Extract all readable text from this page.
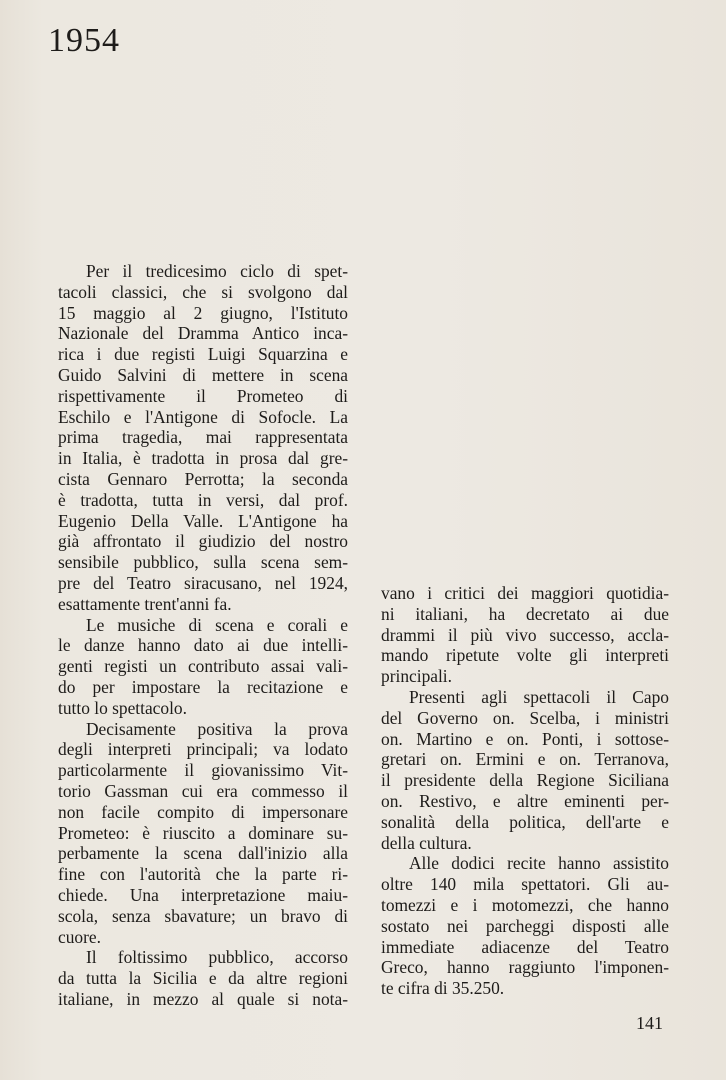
1954
Per il tredicesimo ciclo di spet-
tacoli classici, che si svolgono dal
15 maggio al 2 giugno, l'Istituto
Nazionale del Dramma Antico inca-
rica i due registi Luigi Squarzina e
Guido Salvini di mettere in scena
rispettivamente il Prometeo di
Eschilo e l'Antigone di Sofocle. La
prima tragedia, mai rappresentata
in Italia, è tradotta in prosa dal gre-
cista Gennaro Perrotta; la seconda
è tradotta, tutta in versi, dal prof.
Eugenio Della Valle. L'Antigone ha
già affrontato il giudizio del nostro
sensibile pubblico, sulla scena sem-
pre del Teatro siracusano, nel 1924,
esattamente trent'anni fa.
Le musiche di scena e corali e
le danze hanno dato ai due intelli-
genti registi un contributo assai vali-
do per impostare la recitazione e
tutto lo spettacolo.
Decisamente positiva la prova
degli interpreti principali; va lodato
particolarmente il giovanissimo Vit-
torio Gassman cui era commesso il
non facile compito di impersonare
Prometeo: è riuscito a dominare su-
perbamente la scena dall'inizio alla
fine con l'autorità che la parte ri-
chiede. Una interpretazione maiu-
scola, senza sbavature; un bravo di
cuore.
Il foltissimo pubblico, accorso
da tutta la Sicilia e da altre regioni
italiane, in mezzo al quale si nota-
vano i critici dei maggiori quotidia-
ni italiani, ha decretato ai due
drammi il più vivo successo, accla-
mando ripetute volte gli interpreti
principali.
Presenti agli spettacoli il Capo
del Governo on. Scelba, i ministri
on. Martino e on. Ponti, i sottose-
gretari on. Ermini e on. Terranova,
il presidente della Regione Siciliana
on. Restivo, e altre eminenti per-
sonalità della politica, dell'arte e
della cultura.
Alle dodici recite hanno assistito
oltre 140 mila spettatori. Gli au-
tomezzi e i motomezzi, che hanno
sostato nei parcheggi disposti alle
immediate adiacenze del Teatro
Greco, hanno raggiunto l'imponen-
te cifra di 35.250.
141
